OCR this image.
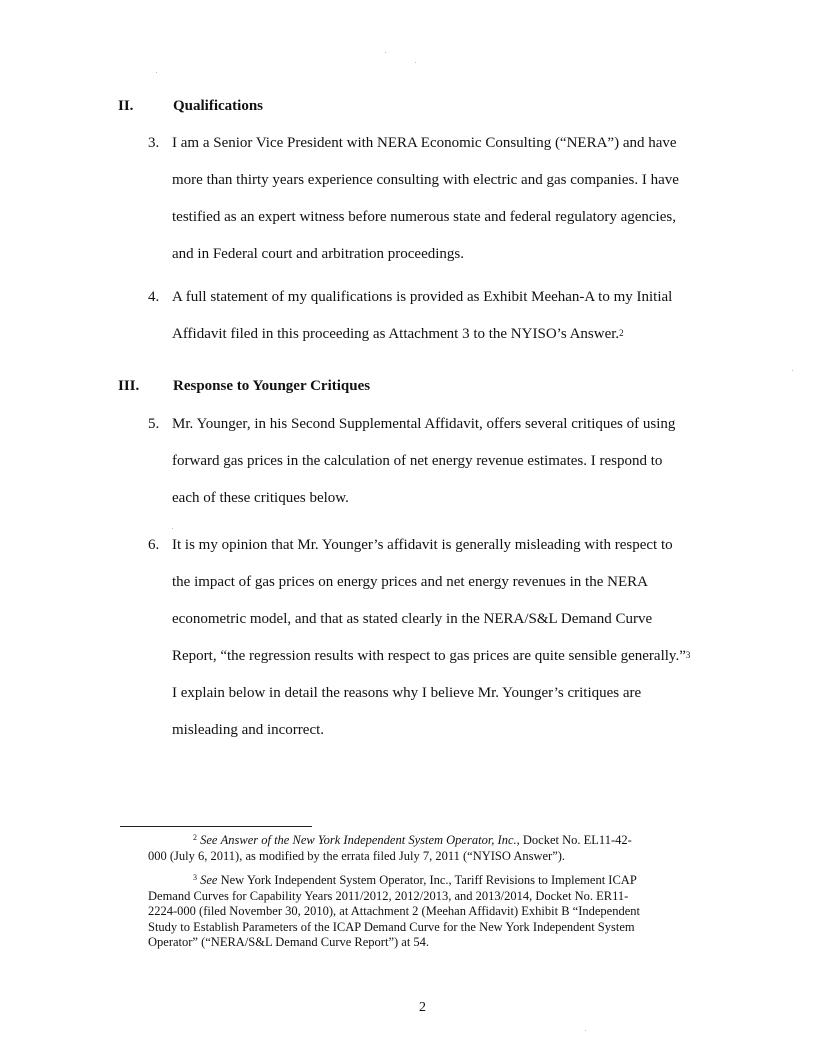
II.	Qualifications
3. I am a Senior Vice President with NERA Economic Consulting (“NERA”) and have
more than thirty years experience consulting with electric and gas companies. I have
testified as an expert witness before numerous state and federal regulatory agencies,
and in Federal court and arbitration proceedings.
4. A full statement of my qualifications is provided as Exhibit Meehan-A to my Initial
Affidavit filed in this proceeding as Attachment 3 to the NYISO’s Answer.$^2$
III. Response to Younger Critiques
5. Mr. Younger, in his Second Supplemental Affidavit, offers several critiques of using
forward gas prices in the calculation of net energy revenue estimates. I respond to
each of these critiques below.
6. It is my opinion that Mr. Younger’s affidavit is generally misleading with respect to
the impact of gas prices on energy prices and net energy revenues in the NERA
econometric model, and that as stated clearly in the NERA/S&L Demand Curve
Report, “the regression results with respect to gas prices are quite sensible generally.”$^3$
I explain below in detail the reasons why I believe Mr. Younger’s critiques are
misleading and incorrect.
$^2$ See Answer of the New York Independent System Operator, Inc., Docket No. EL11-42-
000 (July 6, 2011), as modified by the errata filed July 7, 2011 (“NYISO Answer”).
$^3$ See New York Independent System Operator, Inc., Tariff Revisions to Implement ICAP
Demand Curves for Capability Years 2011/2012, 2012/2013, and 2013/2014, Docket No. ER11-
2224-000 (filed November 30, 2010), at Attachment 2 (Meehan Affidavit) Exhibit B “Independent
Study to Establish Parameters of the ICAP Demand Curve for the New York Independent System
Operator” (“NERA/S&L Demand Curve Report”) at 54.
2
